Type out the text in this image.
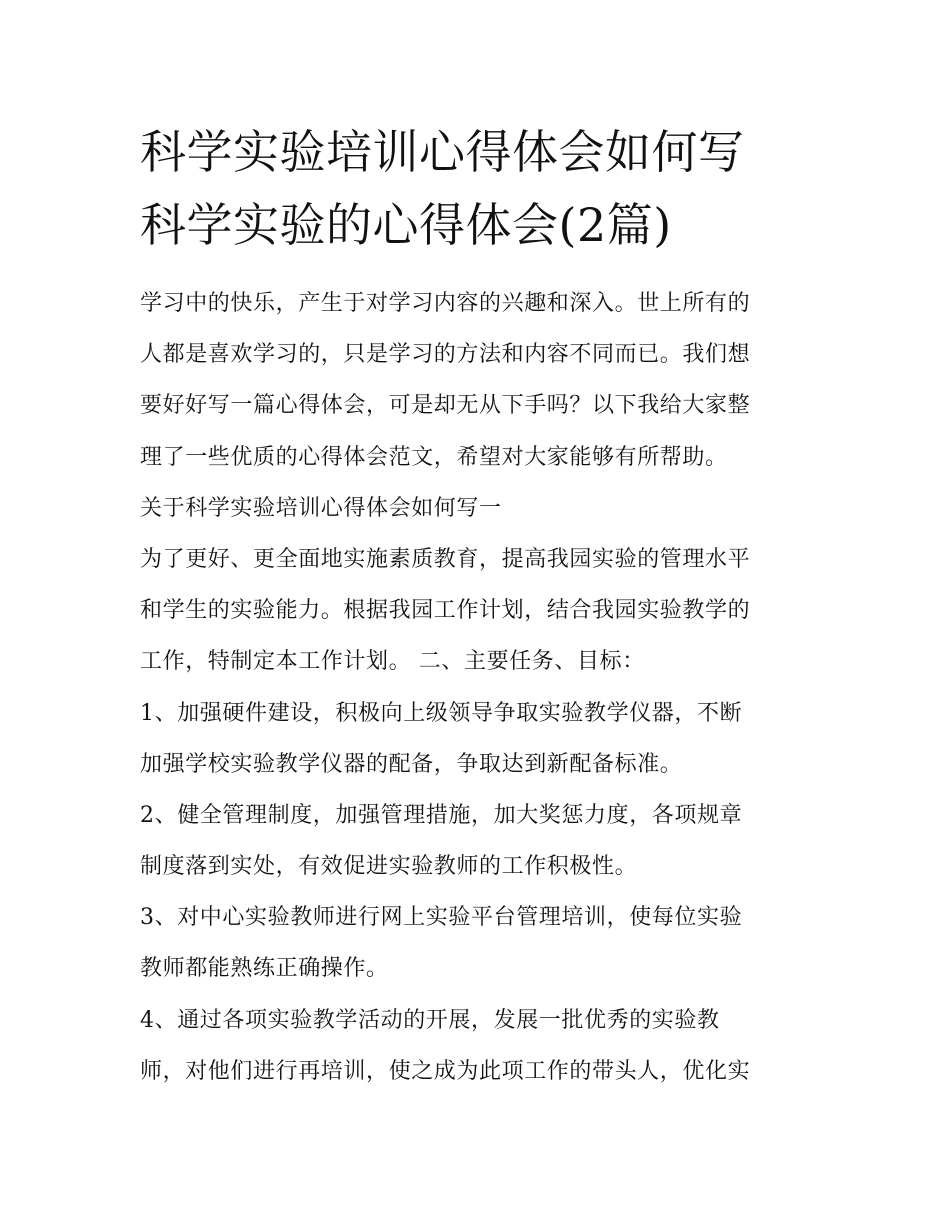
科学实验培训心得体会如何写
科学实验的心得体会(2篇)
学习中的快乐，产生于对学习内容的兴趣和深入。世上所有的
人都是喜欢学习的，只是学习的方法和内容不同而已。我们想
要好好写一篇心得体会，可是却无从下手吗？以下我给大家整
理了一些优质的心得体会范文，希望对大家能够有所帮助。
关于科学实验培训心得体会如何写一
为了更好、更全面地实施素质教育，提高我园实验的管理水平
和学生的实验能力。根据我园工作计划，结合我园实验教学的
工作，特制定本工作计划。 二、主要任务、目标：
1、加强硬件建设，积极向上级领导争取实验教学仪器，不断
加强学校实验教学仪器的配备，争取达到新配备标准。
2、健全管理制度，加强管理措施，加大奖惩力度，各项规章
制度落到实处，有效促进实验教师的工作积极性。
3、对中心实验教师进行网上实验平台管理培训，使每位实验
教师都能熟练正确操作。
4、通过各项实验教学活动的开展，发展一批优秀的实验教
师，对他们进行再培训，使之成为此项工作的带头人，优化实
